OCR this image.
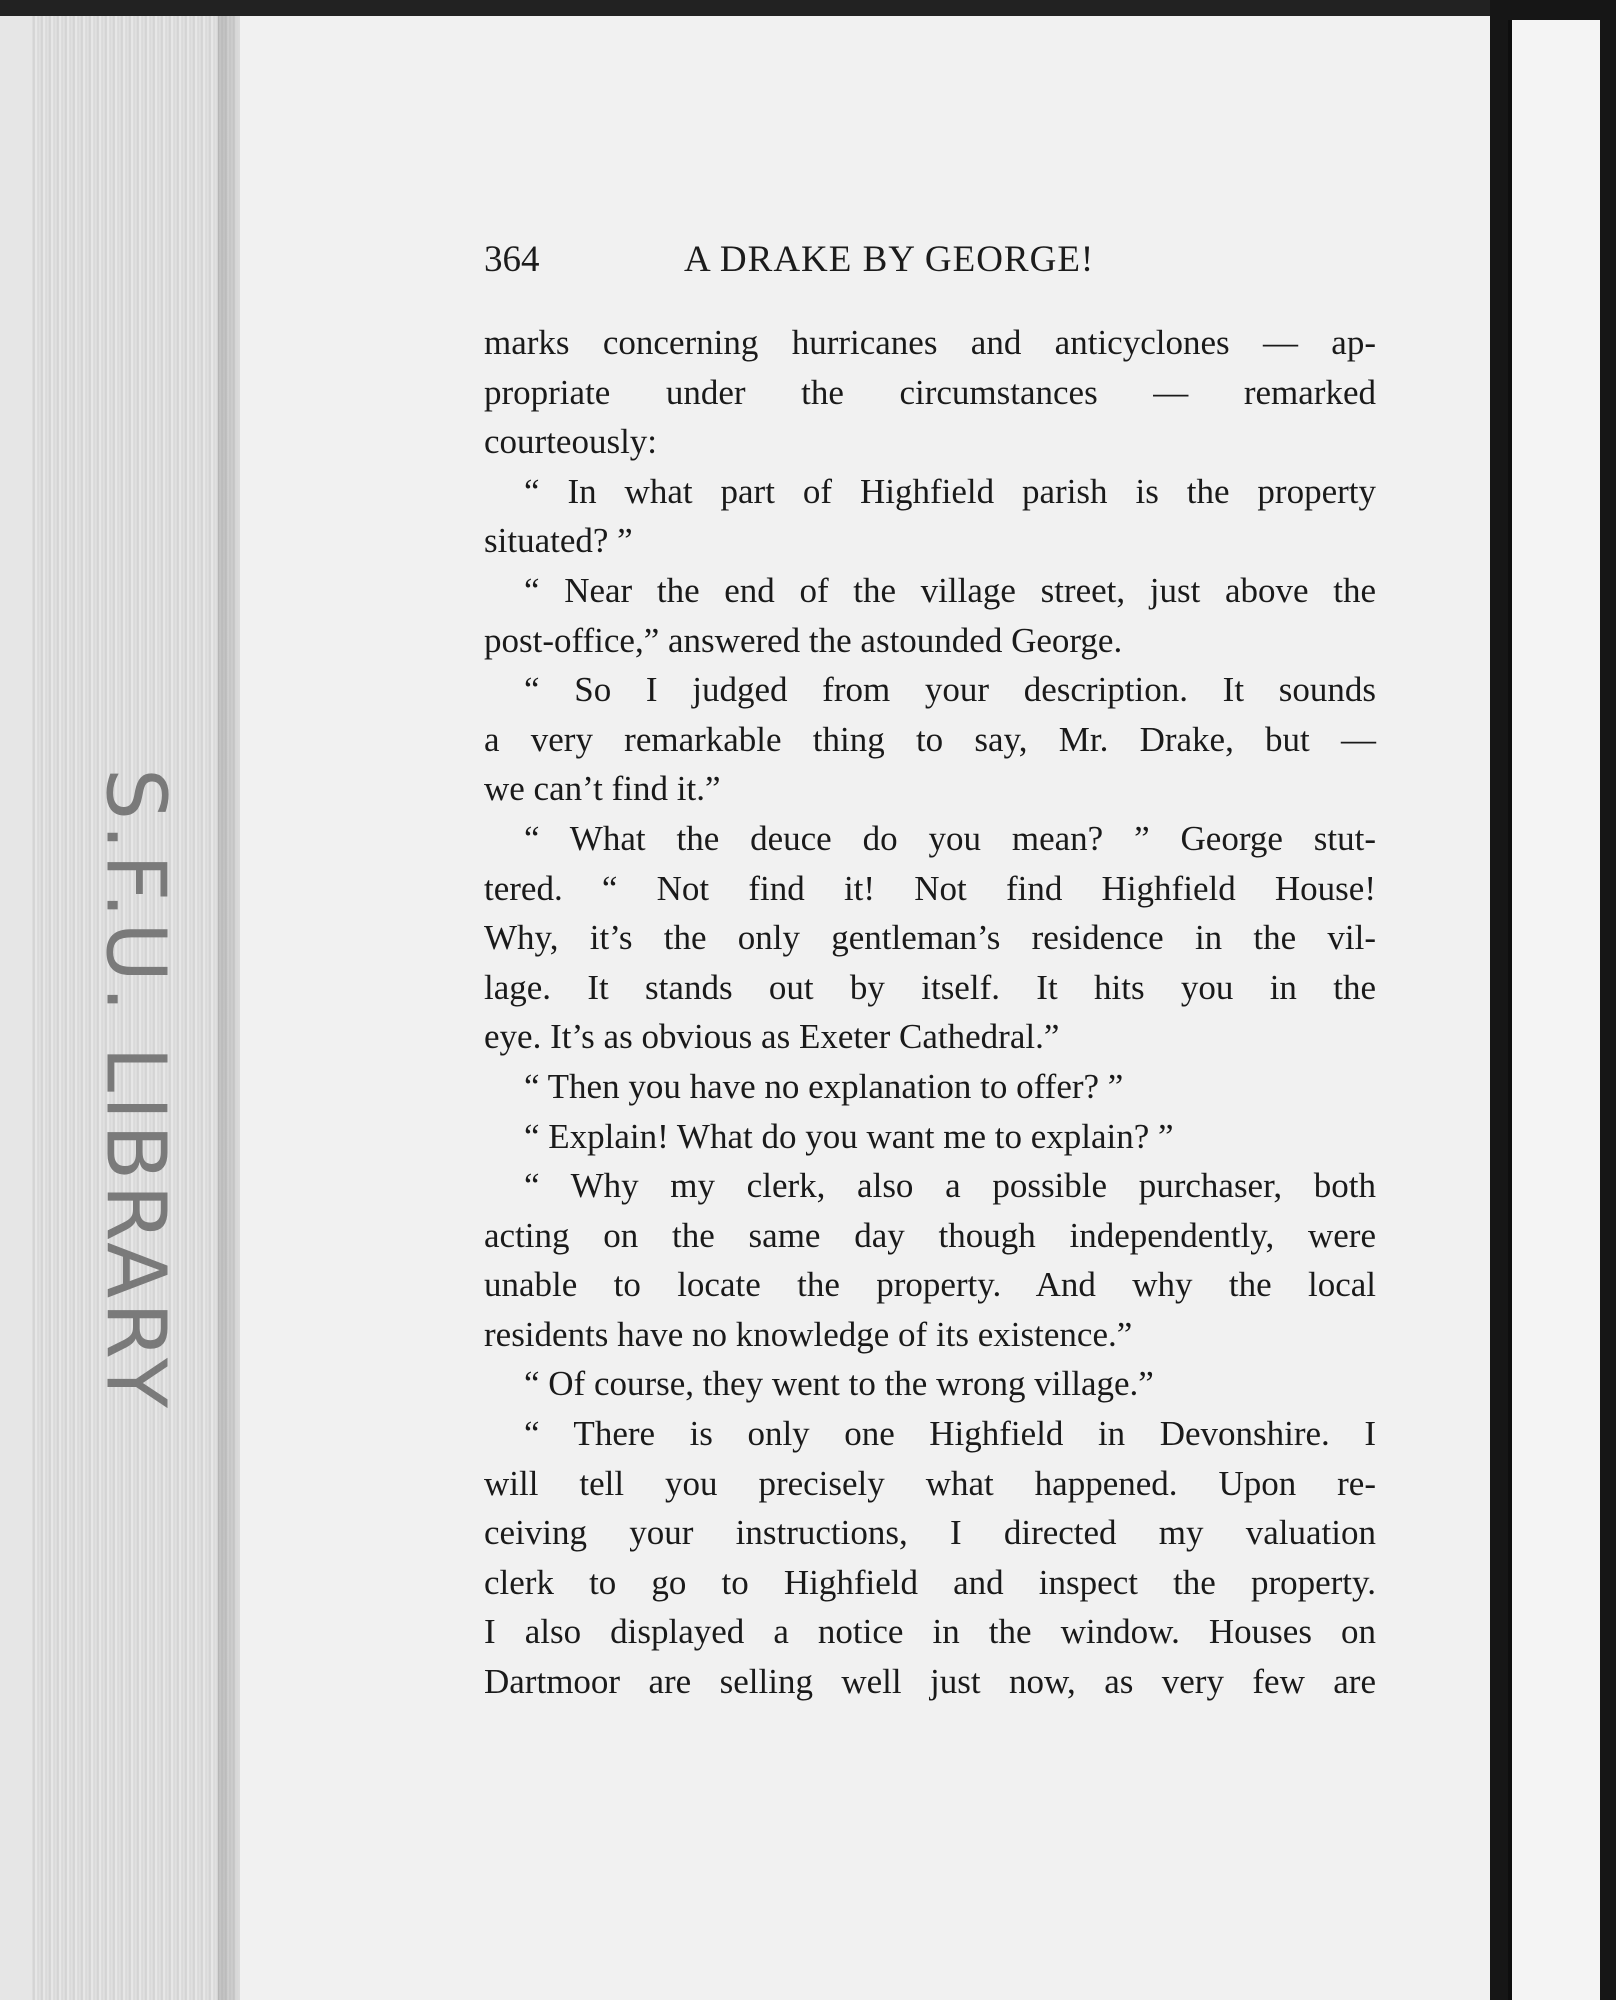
S.F.U. LIBRARY
364	A DRAKE BY GEORGE!
marks concerning hurricanes and anticyclones — ap-
propriate under the circumstances — remarked
courteously:
“ In what part of Highfield parish is the property
situated? ”
“ Near the end of the village street, just above the
post-office,” answered the astounded George.
“ So I judged from your description. It sounds
a very remarkable thing to say, Mr. Drake, but —
we can’t find it.”
“ What the deuce do you mean? ” George stut-
tered. “ Not find it! Not find Highfield House!
Why, it’s the only gentleman’s residence in the vil-
lage. It stands out by itself. It hits you in the
eye. It’s as obvious as Exeter Cathedral.”
“ Then you have no explanation to offer? ”
“ Explain! What do you want me to explain? ”
“ Why my clerk, also a possible purchaser, both
acting on the same day though independently, were
unable to locate the property. And why the local
residents have no knowledge of its existence.”
“ Of course, they went to the wrong village.”
“ There is only one Highfield in Devonshire. I
will tell you precisely what happened. Upon re-
ceiving your instructions, I directed my valuation
clerk to go to Highfield and inspect the property.
I also displayed a notice in the window. Houses on
Dartmoor are selling well just now, as very few are
